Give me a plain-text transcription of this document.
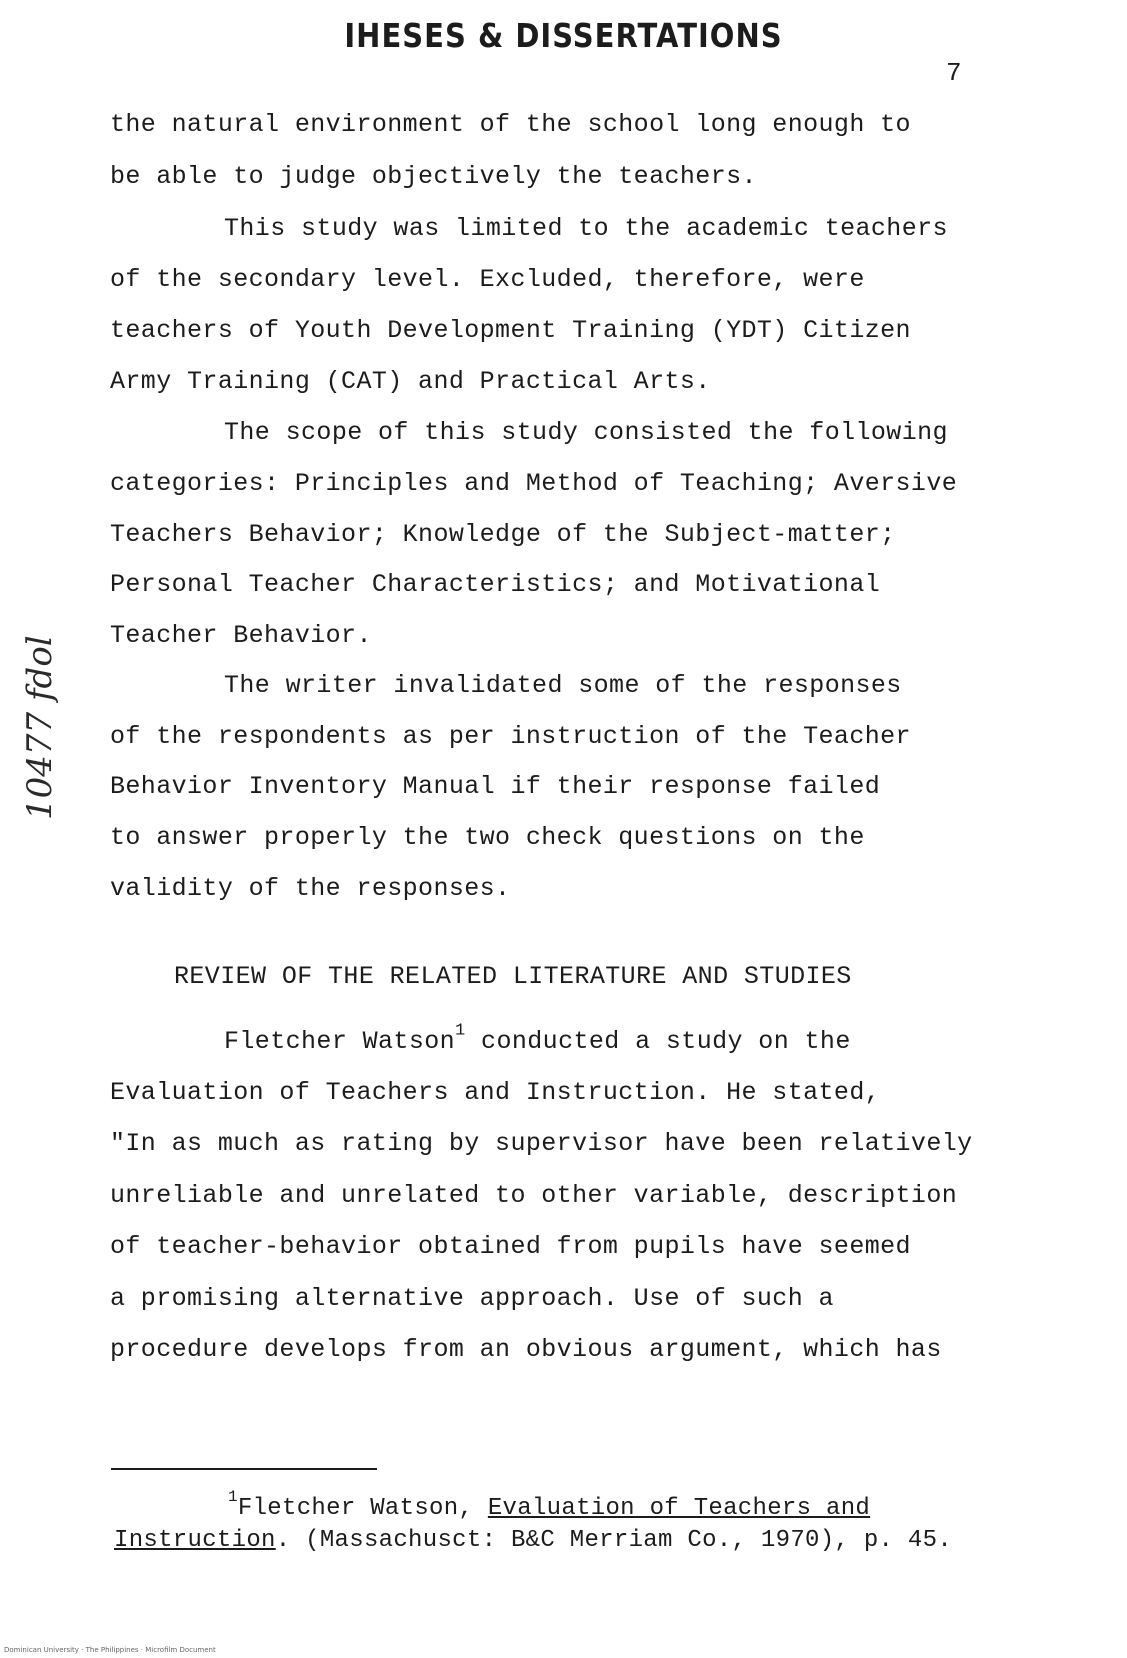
IHESES & DISSERTATIONS
7
the natural environment of the school long enough to
be able to judge objectively the teachers.
This study was limited to the academic teachers
of the secondary level. Excluded, therefore, were
teachers of Youth Development Training (YDT) Citizen
Army Training (CAT) and Practical Arts.
The scope of this study consisted the following
categories: Principles and Method of Teaching; Aversive
Teachers Behavior; Knowledge of the Subject-matter;
Personal Teacher Characteristics; and Motivational
Teacher Behavior.
The writer invalidated some of the responses
of the respondents as per instruction of the Teacher
Behavior Inventory Manual if their response failed
to answer properly the two check questions on the
validity of the responses.
REVIEW OF THE RELATED LITERATURE AND STUDIES
Fletcher Watson$^1$ conducted a study on the
Evaluation of Teachers and Instruction. He stated,
"In as much as rating by supervisor have been relatively
unreliable and unrelated to other variable, description
of teacher-behavior obtained from pupils have seemed
a promising alternative approach. Use of such a
procedure develops from an obvious argument, which has
$^1$Fletcher Watson, Evaluation of Teachers and
Instruction. (Massachusct: B&C Merriam Co., 1970), p. 45.
10477 fdol
Dominican University · The Philippines · Microfilm Document
